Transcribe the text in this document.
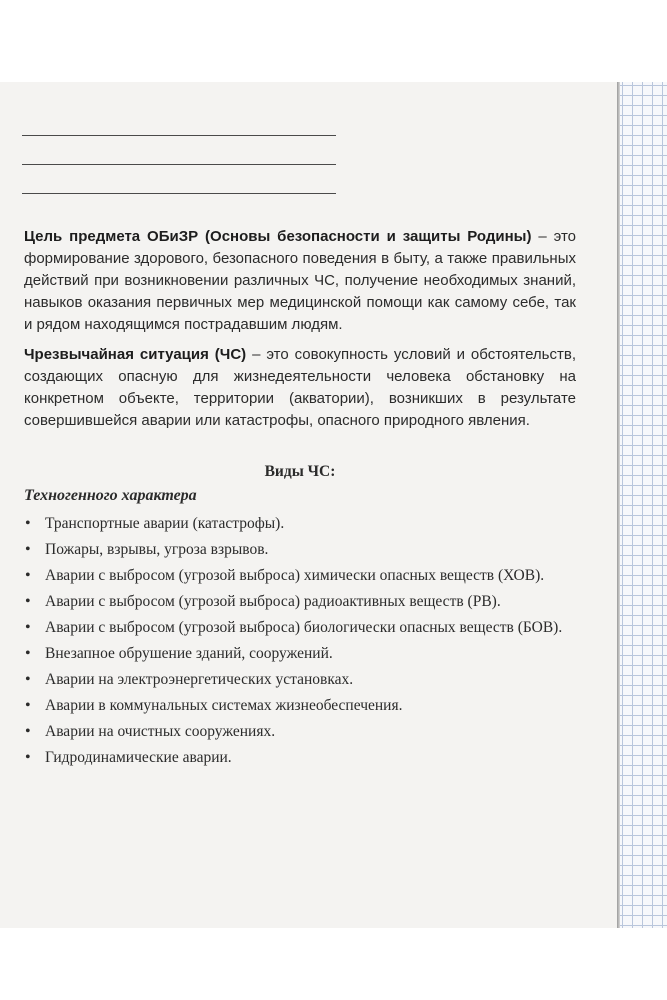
Цель предмета ОБиЗР (Основы безопасности и защиты Родины) – это формирование здорового, безопасного поведения в быту, а также правильных действий при возникновении различных ЧС, получение необходимых знаний, навыков оказания первичных мер медицинской помощи как самому себе, так и рядом находящимся пострадавшим людям.

Чрезвычайная ситуация (ЧС) – это совокупность условий и обстоятельств, создающих опасную для жизнедеятельности человека обстановку на конкретном объекте, территории (акватории), возникших в результате совершившейся аварии или катастрофы, опасного природного явления.

Виды ЧС:
Техногенного характера
• Транспортные аварии (катастрофы).
• Пожары, взрывы, угроза взрывов.
• Аварии с выбросом (угрозой выброса) химически опасных веществ (ХОВ).
• Аварии с выбросом (угрозой выброса) радиоактивных веществ (РВ).
• Аварии с выбросом (угрозой выброса) биологически опасных веществ (БОВ).
• Внезапное обрушение зданий, сооружений.
• Аварии на электроэнергетических установках.
• Аварии в коммунальных системах жизнеобеспечения.
• Аварии на очистных сооружениях.
• Гидродинамические аварии.
